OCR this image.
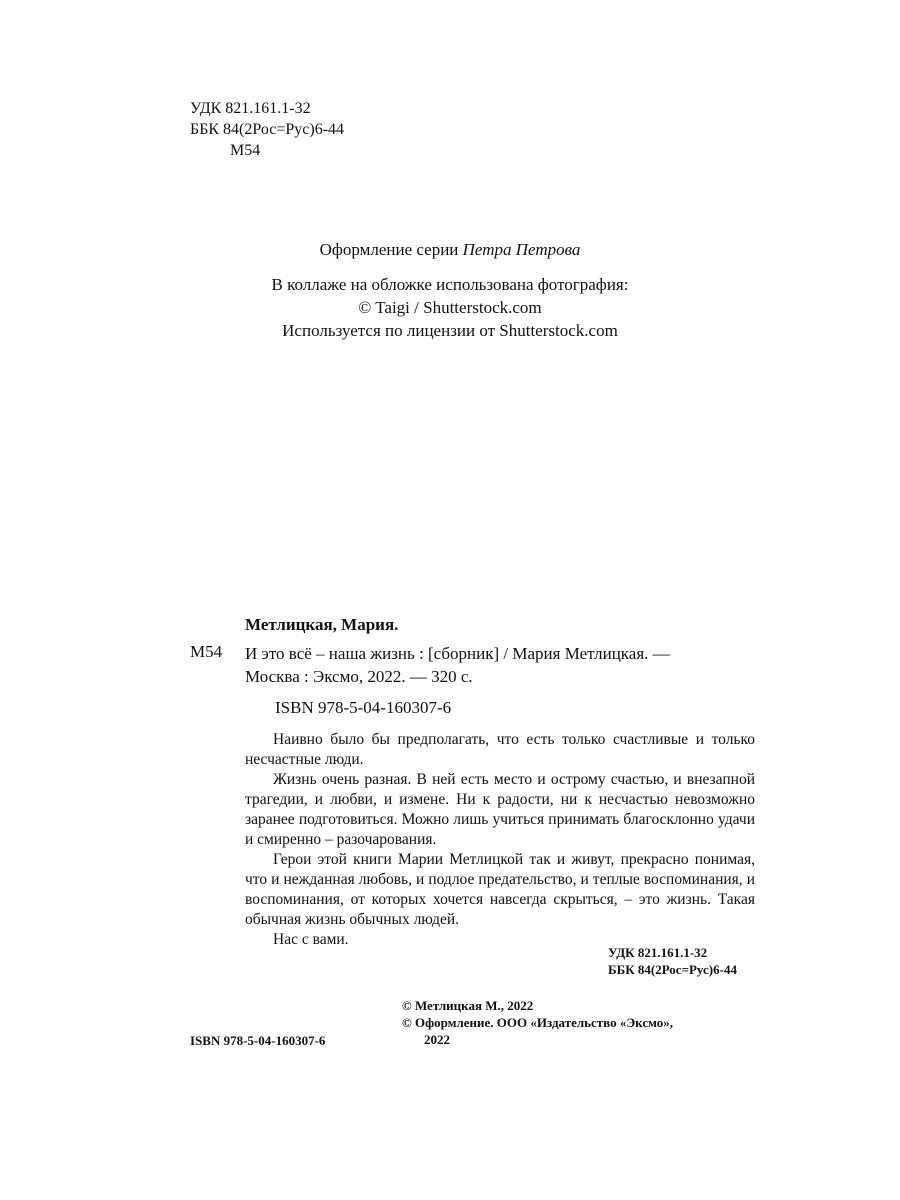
УДК 821.161.1-32
ББК 84(2Рос=Рус)6-44
М54
Оформление серии Петра Петрова
В коллаже на обложке использована фотография:
© Taigi / Shutterstock.com
Используется по лицензии от Shutterstock.com
Метлицкая, Мария.
М54 И это всё – наша жизнь : [сборник] / Мария Метлицкая. —
Москва : Эксмо, 2022. — 320 с.
ISBN 978-5-04-160307-6

Наивно было бы предполагать, что есть только счастливые и только несчастные люди.

Жизнь очень разная. В ней есть место и острому счастью, и внезапной трагедии, и любви, и измене. Ни к радости, ни к несчастью невозможно заранее подготовиться. Можно лишь учиться принимать благосклонно удачи и смиренно – разочарования.

Герои этой книги Марии Метлицкой так и живут, прекрасно понимая, что и нежданная любовь, и подлое предательство, и теплые воспоминания, и воспоминания, от которых хочется навсегда скрыться, – это жизнь. Такая обычная жизнь обычных людей.

Нас с вами.

УДК 821.161.1-32
ББК 84(2Рос=Рус)6-44
© Метлицкая М., 2022
© Оформление. ООО «Издательство «Эксмо»,
2022
ISBN 978-5-04-160307-6
